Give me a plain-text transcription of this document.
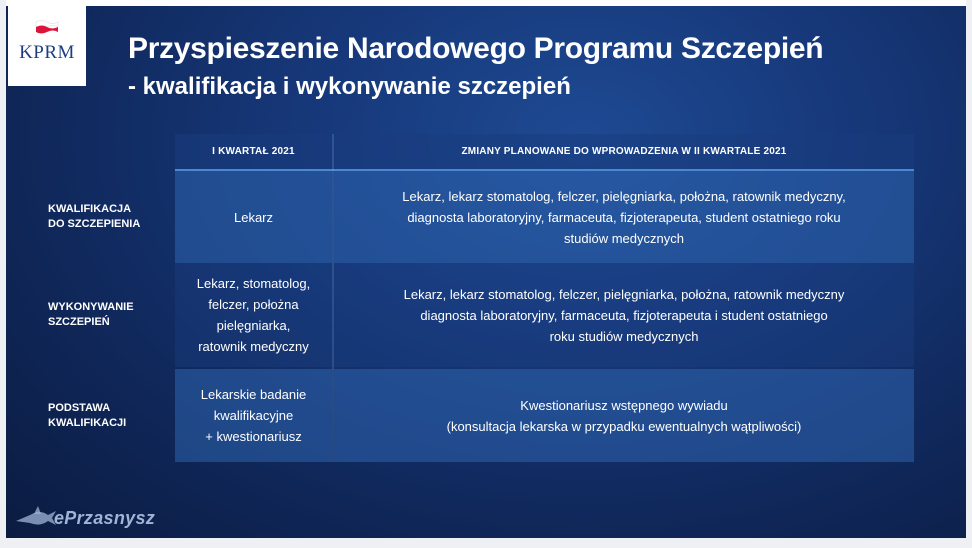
KPRM Przyspieszenie Narodowego Programu Szczepień
- kwalifikacja i wykonywanie szczepień
I KWARTAŁ 2021	ZMIANY PLANOWANE DO WPROWADZENIA W II KWARTALE 2021
KWALIFIKACJA
DO SZCZEPIENIA	Lekarz
Lekarz, lekarz stomatolog, felczer, pielęgniarka, położna, ratownik medyczny,
diagnosta laboratoryjny, farmaceuta, fizjoterapeuta, student ostatniego roku
studiów medycznych
WYKONYWANIE
SZCZEPIEŃ
Lekarz, stomatolog,
felczer, położna
pielęgniarka,
ratownik medyczny
Lekarz, lekarz stomatolog, felczer, pielęgniarka, położna, ratownik medyczny
diagnosta laboratoryjny, farmaceuta, fizjoterapeuta i student ostatniego
roku studiów medycznych
PODSTAWA
KWALIFIKACJI
Lekarskie badanie
kwalifikacyjne
+ kwestionariusz
Kwestionariusz wstępnego wywiadu
(konsultacja lekarska w przypadku ewentualnych wątpliwości)
ePrzasnysz
